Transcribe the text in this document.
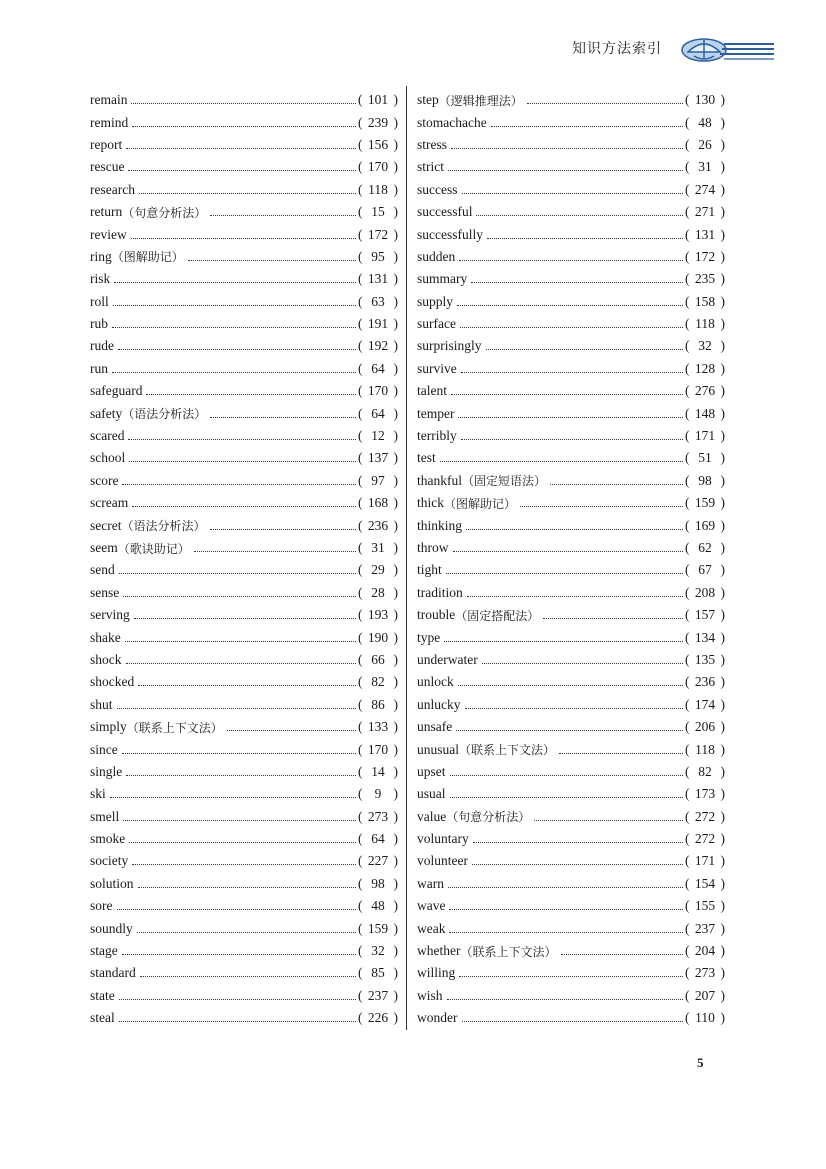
知识方法索引
remain	( 101 )
remind	( 239 )
report	( 156 )
rescue	( 170 )
research	( 118 )
return （句意分析法）	( 15 )
review	( 172 )
ring （图解助记）	( 95 )
risk	( 131 )
roll	( 63 )
rub	( 191 )
rude	( 192 )
run	( 64 )
safeguard	( 170 )
safety （语法分析法）	( 64 )
scared	( 12 )
school	( 137 )
score	( 97 )
scream	( 168 )
secret （语法分析法）	( 236 )
seem （歌诀助记）	( 31 )
send	( 29 )
sense	( 28 )
serving	( 193 )
shake	( 190 )
shock	( 66 )
shocked	( 82 )
shut	( 86 )
simply （联系上下文法）	( 133 )
since	( 170 )
single	( 14 )
ski	( 9 )
smell	( 273 )
smoke	( 64 )
society	( 227 )
solution	( 98 )
sore	( 48 )
soundly	( 159 )
stage	( 32 )
standard	( 85 )
state	( 237 )
steal	( 226 )
step （逻辑推理法）	( 130 )
stomachache	( 48 )
stress	( 26 )
strict	( 31 )
success	( 274 )
successful	( 271 )
successfully	( 131 )
sudden	( 172 )
summary	( 235 )
supply	( 158 )
surface	( 118 )
surprisingly	( 32 )
survive	( 128 )
talent	( 276 )
temper	( 148 )
terribly	( 171 )
test	( 51 )
thankful （固定短语法）	( 98 )
thick （图解助记）	( 159 )
thinking	( 169 )
throw	( 62 )
tight	( 67 )
tradition	( 208 )
trouble （固定搭配法）	( 157 )
type	( 134 )
underwater	( 135 )
unlock	( 236 )
unlucky	( 174 )
unsafe	( 206 )
unusual （联系上下文法）	( 118 )
upset	( 82 )
usual	( 173 )
value （句意分析法）	( 272 )
voluntary	( 272 )
volunteer	( 171 )
warn	( 154 )
wave	( 155 )
weak	( 237 )
whether （联系上下文法）	( 204 )
willing	( 273 )
wish	( 207 )
wonder	( 110 )
5
